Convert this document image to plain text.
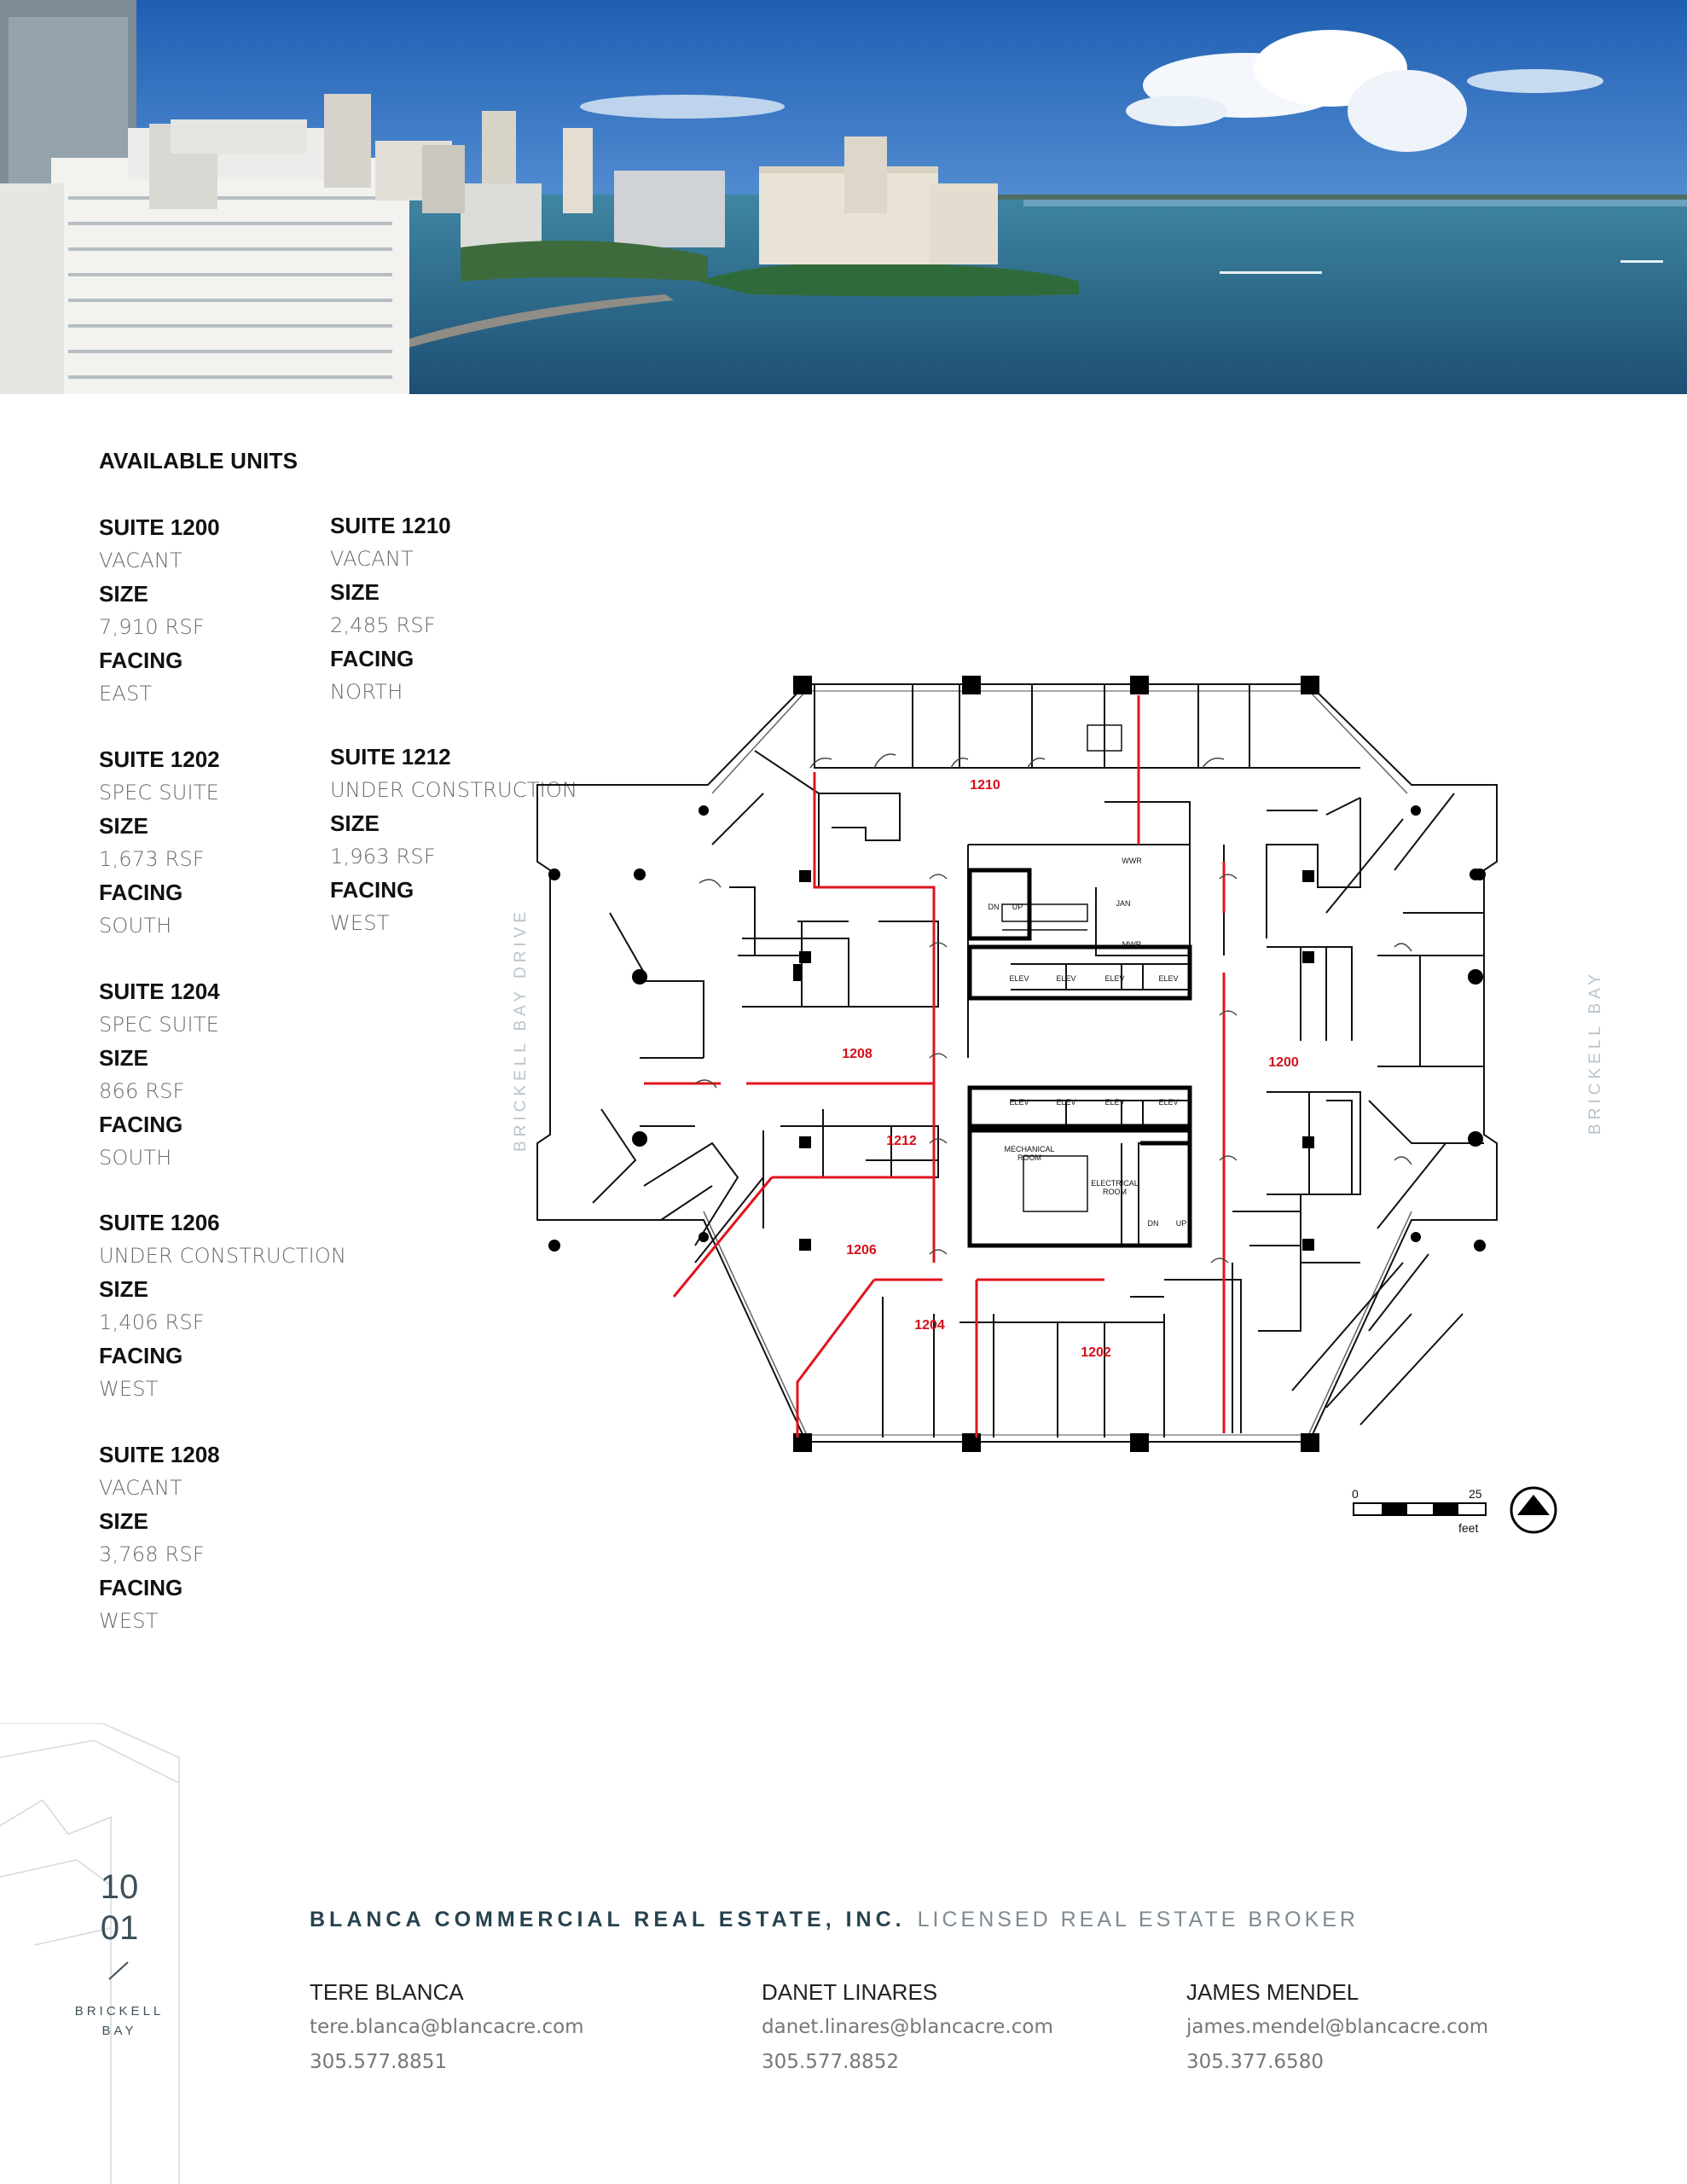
AVAILABLE UNITS
SUITE 1200
VACANT
SIZE
7,910 RSF
FACING
EAST
SUITE 1202
SPEC SUITE
SIZE
1,673 RSF
FACING
SOUTH
SUITE 1204
SPEC SUITE
SIZE
866 RSF
FACING
SOUTH
SUITE 1206
UNDER CONSTRUCTION
SIZE
1,406 RSF
FACING
WEST
SUITE 1208
VACANT
SIZE
3,768 RSF
FACING
WEST
SUITE 1210
VACANT
SIZE
2,485 RSF
FACING
NORTH
SUITE 1212
UNDER CONSTRUCTION
SIZE
1,963 RSF
FACING
WEST	BRICKELL BAY DRIVE	BRICKELL BAY
1210
1208
1212
1206
1204
1202
1200
WWR
JAN
MWR
ELEV	ELEV	ELEV	ELEV
ELEV	ELEV	ELEV	ELEV
MECHANICAL
ROOM
ELECTRICAL
ROOM
DN UP
DN UP
0	25
feet
10
01
BRICKELL
BAY
BLANCA COMMERCIAL REAL ESTATE, INC. LICENSED REAL ESTATE BROKER
TERE BLANCA
tere.blanca@blancacre.com
305.577.8851
DANET LINARES
danet.linares@blancacre.com
305.577.8852
JAMES MENDEL
james.mendel@blancacre.com
305.377.6580
